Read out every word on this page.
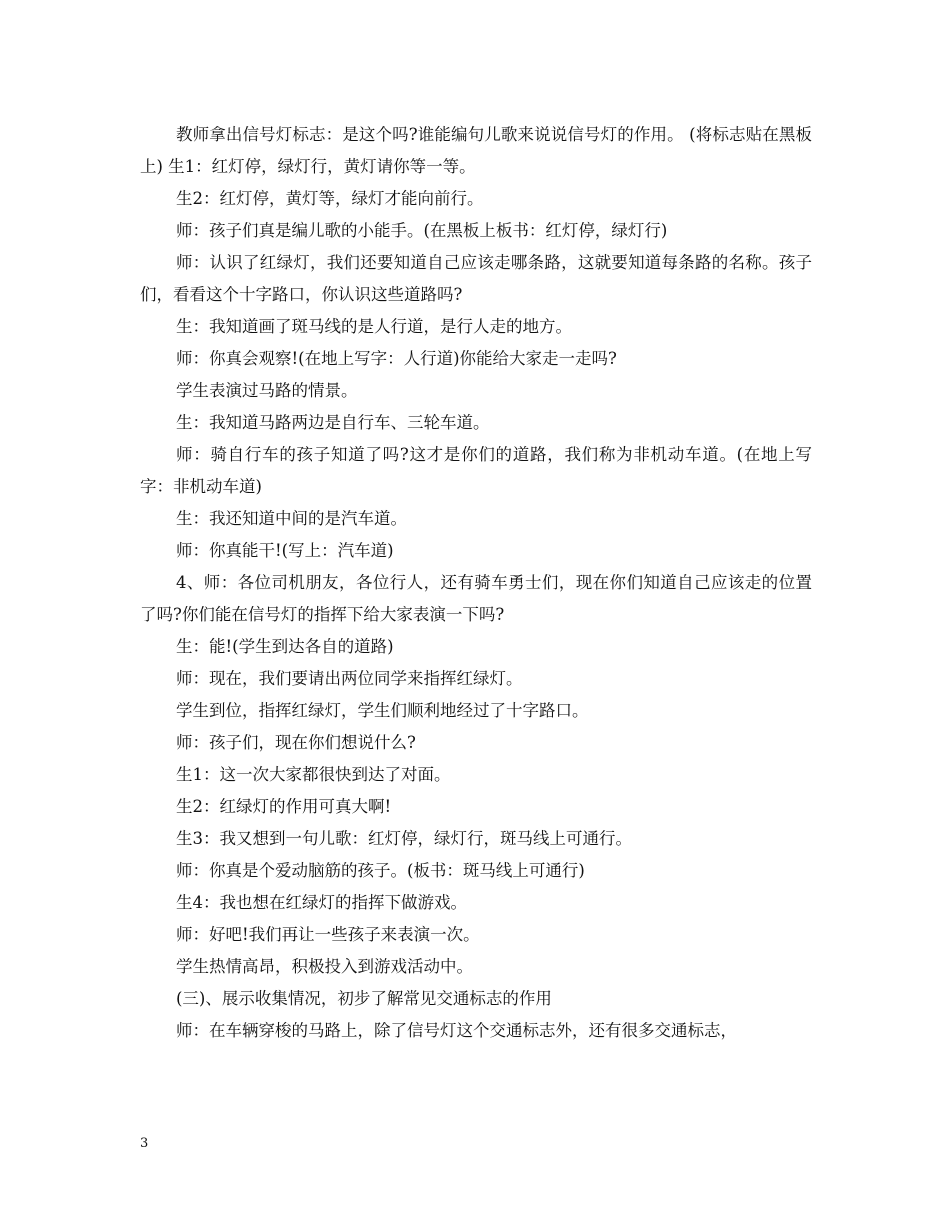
教师拿出信号灯标志：是这个吗?谁能编句儿歌来说说信号灯的作用。 (将标志贴在黑板上) 生1：红灯停，绿灯行，黄灯请你等一等。

生2：红灯停，黄灯等，绿灯才能向前行。

师：孩子们真是编儿歌的小能手。(在黑板上板书：红灯停，绿灯行)

师：认识了红绿灯，我们还要知道自己应该走哪条路，这就要知道每条路的名称。孩子们，看看这个十字路口，你认识这些道路吗?

生：我知道画了斑马线的是人行道，是行人走的地方。

师：你真会观察!(在地上写字：人行道)你能给大家走一走吗?

学生表演过马路的情景。

生：我知道马路两边是自行车、三轮车道。

师：骑自行车的孩子知道了吗?这才是你们的道路，我们称为非机动车道。(在地上写字：非机动车道)

生：我还知道中间的是汽车道。

师：你真能干!(写上：汽车道)

4、师：各位司机朋友，各位行人，还有骑车勇士们，现在你们知道自己应该走的位置了吗?你们能在信号灯的指挥下给大家表演一下吗?

生：能!(学生到达各自的道路)

师：现在，我们要请出两位同学来指挥红绿灯。

学生到位，指挥红绿灯，学生们顺利地经过了十字路口。

师：孩子们，现在你们想说什么?

生1：这一次大家都很快到达了对面。

生2：红绿灯的作用可真大啊!

生3：我又想到一句儿歌：红灯停，绿灯行，斑马线上可通行。

师：你真是个爱动脑筋的孩子。(板书：斑马线上可通行)

生4：我也想在红绿灯的指挥下做游戏。

师：好吧!我们再让一些孩子来表演一次。

学生热情高昂，积极投入到游戏活动中。

(三)、展示收集情况，初步了解常见交通标志的作用

师：在车辆穿梭的马路上，除了信号灯这个交通标志外，还有很多交通标志，

3
